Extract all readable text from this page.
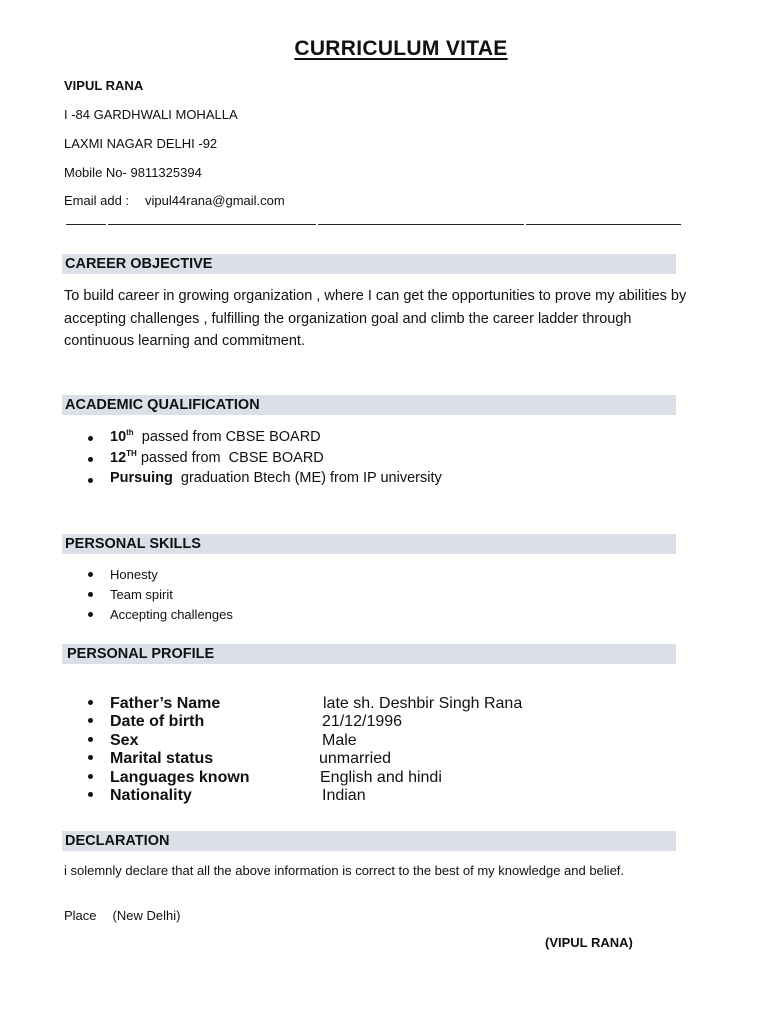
CURRICULUM VITAE
VIPUL RANA
I -84 GARDHWALI MOHALLA
LAXMI NAGAR DELHI -92
Mobile No- 9811325394
Email add : vipul44rana@gmail.com
CAREER OBJECTIVE
To build career in growing organization , where I can get the opportunities to prove my abilities by accepting challenges , fulfilling the organization goal and climb the career ladder through continuous learning and commitment.
ACADEMIC QUALIFICATION
10th  passed from CBSE BOARD
12TH passed from  CBSE BOARD
Pursuing  graduation Btech (ME) from IP university
PERSONAL SKILLS
Honesty
Team spirit
Accepting challenges
PERSONAL PROFILE
Father’s Name	late sh. Deshbir Singh Rana
Date of birth	21/12/1996
Sex	Male
Marital status	unmarried
Languages known	English and hindi
Nationality	Indian
DECLARATION
i solemnly declare that all the above information is correct to the best of my knowledge and belief.
Place (New Delhi)
(VIPUL RANA)
